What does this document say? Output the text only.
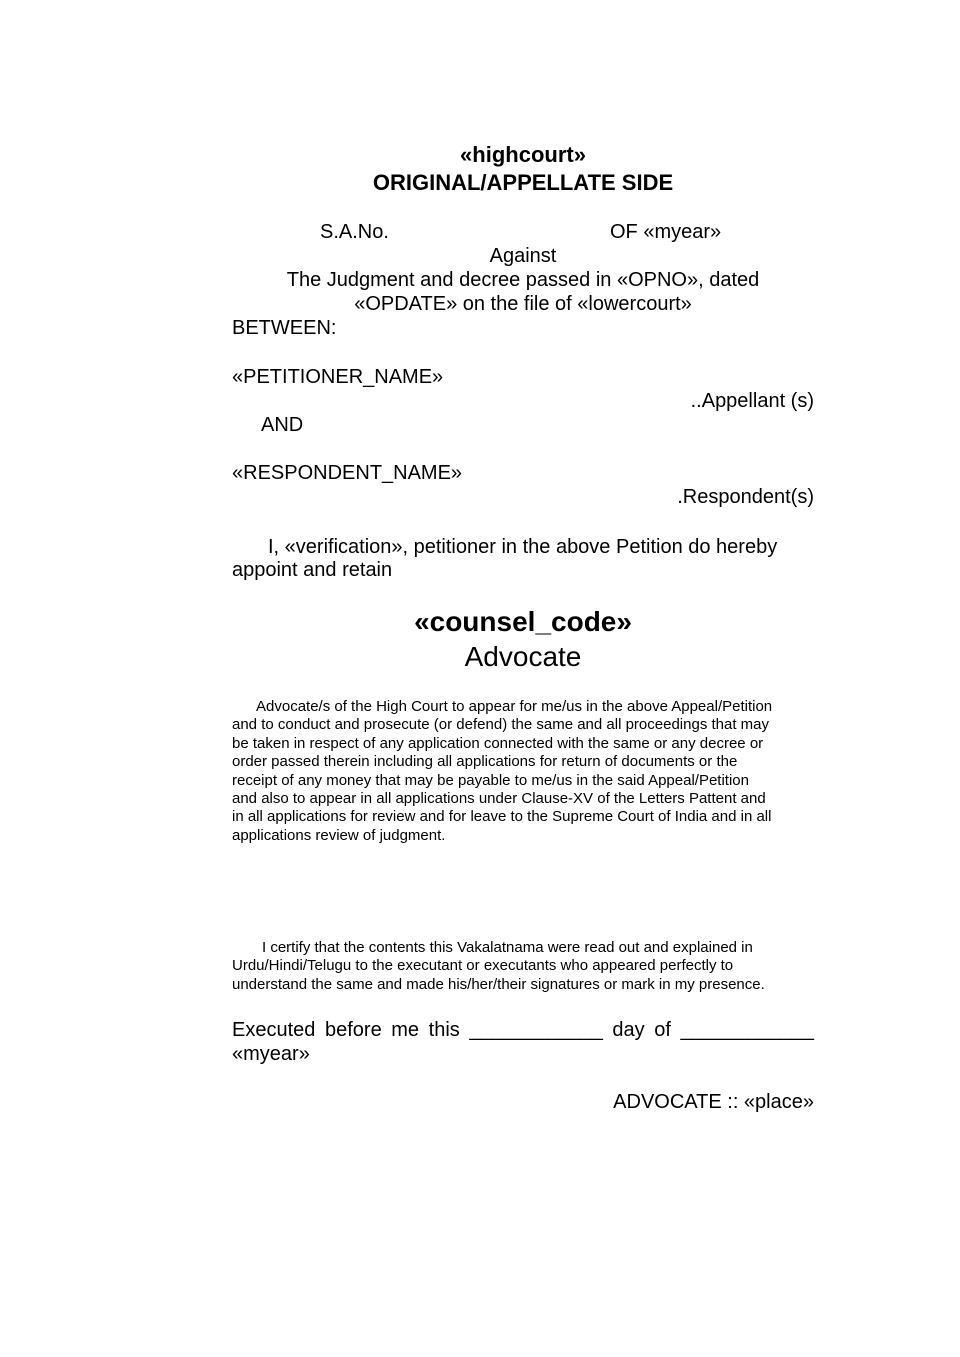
«highcourt»
ORIGINAL/APPELLATE SIDE
S.A.No.	OF «myear»
Against
The Judgment and decree passed in «OPNO», dated
«OPDATE» on the file of «lowercourt»
BETWEEN:
«PETITIONER_NAME»
..Appellant (s)
AND
«RESPONDENT_NAME»
.Respondent(s)
I, «verification», petitioner in the above Petition do hereby
appoint and retain
«counsel_code»
Advocate
Advocate/s of the High Court to appear for me/us in the above Appeal/Petition
and to conduct and prosecute (or defend) the same and all proceedings that may
be taken in respect of any application connected with the same or any decree or
order passed therein including all applications for return of documents or the
receipt of any money that may be payable to me/us in the said Appeal/Petition
and also to appear in all applications under Clause-XV of the Letters Pattent and
in all applications for review and for leave to the Supreme Court of India and in all
applications review of judgment.
I certify that the contents this Vakalatnama were read out and explained in
Urdu/Hindi/Telugu to the executant or executants who appeared perfectly to
understand the same and made his/her/their signatures or mark in my presence.
Executed before me this ____________ day of ____________
«myear»
ADVOCATE :: «place»
